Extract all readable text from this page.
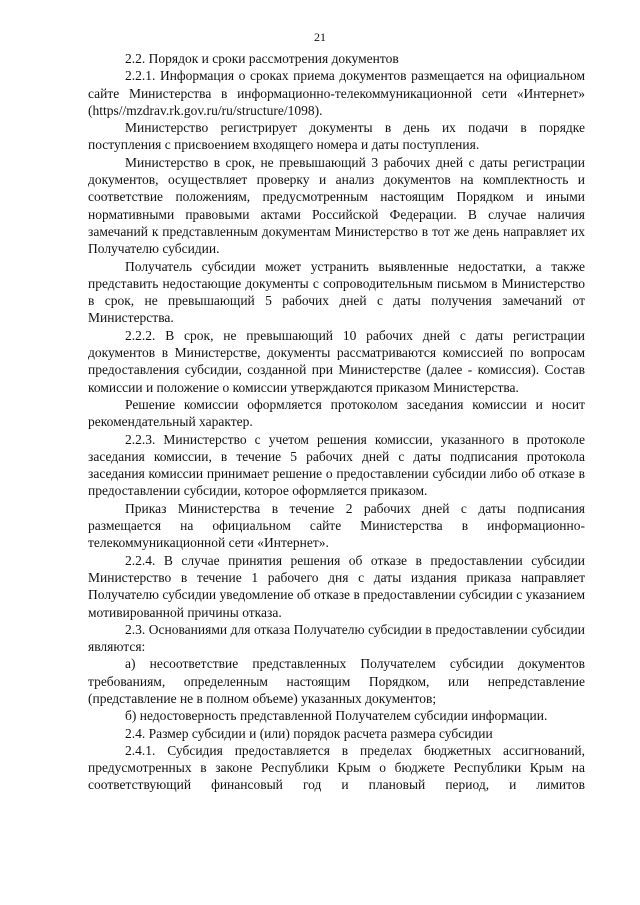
21

2.2. Порядок и сроки рассмотрения документов

2.2.1. Информация о сроках приема документов размещается на официальном сайте Министерства в информационно-телекоммуникационной сети «Интернет» (https//mzdrav.rk.gov.ru/ru/structure/1098).

Министерство регистрирует документы в день их подачи в порядке поступления с присвоением входящего номера и даты поступления.

Министерство в срок, не превышающий 3 рабочих дней с даты регистрации документов, осуществляет проверку и анализ документов на комплектность и соответствие положениям, предусмотренным настоящим Порядком и иными нормативными правовыми актами Российской Федерации. В случае наличия замечаний к представленным документам Министерство в тот же день направляет их Получателю субсидии.

Получатель субсидии может устранить выявленные недостатки, а также представить недостающие документы с сопроводительным письмом в Министерство в срок, не превышающий 5 рабочих дней с даты получения замечаний от Министерства.

2.2.2. В срок, не превышающий 10 рабочих дней с даты регистрации документов в Министерстве, документы рассматриваются комиссией по вопросам предоставления субсидии, созданной при Министерстве (далее - комиссия). Состав комиссии и положение о комиссии утверждаются приказом Министерства.

Решение комиссии оформляется протоколом заседания комиссии и носит рекомендательный характер.

2.2.3. Министерство с учетом решения комиссии, указанного в протоколе заседания комиссии, в течение 5 рабочих дней с даты подписания протокола заседания комиссии принимает решение о предоставлении субсидии либо об отказе в предоставлении субсидии, которое оформляется приказом.

Приказ Министерства в течение 2 рабочих дней с даты подписания размещается на официальном сайте Министерства в информационно-телекоммуникационной сети «Интернет».

2.2.4. В случае принятия решения об отказе в предоставлении субсидии Министерство в течение 1 рабочего дня с даты издания приказа направляет Получателю субсидии уведомление об отказе в предоставлении субсидии с указанием мотивированной причины отказа.

2.3. Основаниями для отказа Получателю субсидии в предоставлении субсидии являются:

а) несоответствие представленных Получателем субсидии документов требованиям, определенным настоящим Порядком, или непредставление (представление не в полном объеме) указанных документов;

б) недостоверность представленной Получателем субсидии информации.

2.4. Размер субсидии и (или) порядок расчета размера субсидии

2.4.1. Субсидия предоставляется в пределах бюджетных ассигнований, предусмотренных в законе Республики Крым о бюджете Республики Крым на соответствующий финансовый год и плановый период, и лимитов
